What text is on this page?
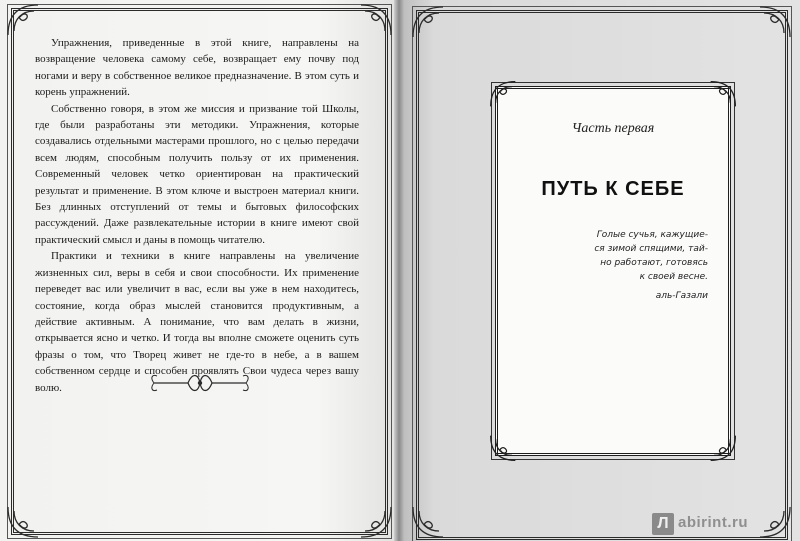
Упражнения, приведенные в этой книге, направлены на возвращение человека самому себе, возвращает ему почву под ногами и веру в собственное великое предназначение. В этом суть и корень упражнений.

Собственно говоря, в этом же миссия и призвание той Школы, где были разработаны эти методики. Упражнения, которые создавались отдельными мастерами прошлого, но с целью передачи всем людям, способным получить пользу от их применения. Современный человек четко ориентирован на практический результат и применение. В этом ключе и выстроен материал книги. Без длинных отступлений от темы и бытовых философских рассуждений. Даже развлекательные истории в книге имеют свой практический смысл и даны в помощь читателю.

Практики и техники в книге направлены на увеличение жизненных сил, веры в себя и свои способности. Их применение переведет вас или увеличит в вас, если вы уже в нем находитесь, состояние, когда образ мыслей становится продуктивным, а действие активным. А понимание, что вам делать в жизни, открывается ясно и четко. И тогда вы вполне сможете оценить суть фразы о том, что Творец живет не где-то в небе, а в вашем собственном сердце и способен проявлять Свои чудеса через вашу волю.

Часть первая
ПУТЬ К СЕБЕ
Голые сучья, кажущие-
ся зимой спящими, тай-
но работают, готовясь
к своей весне.
аль-Газали
Л abirint.ru
